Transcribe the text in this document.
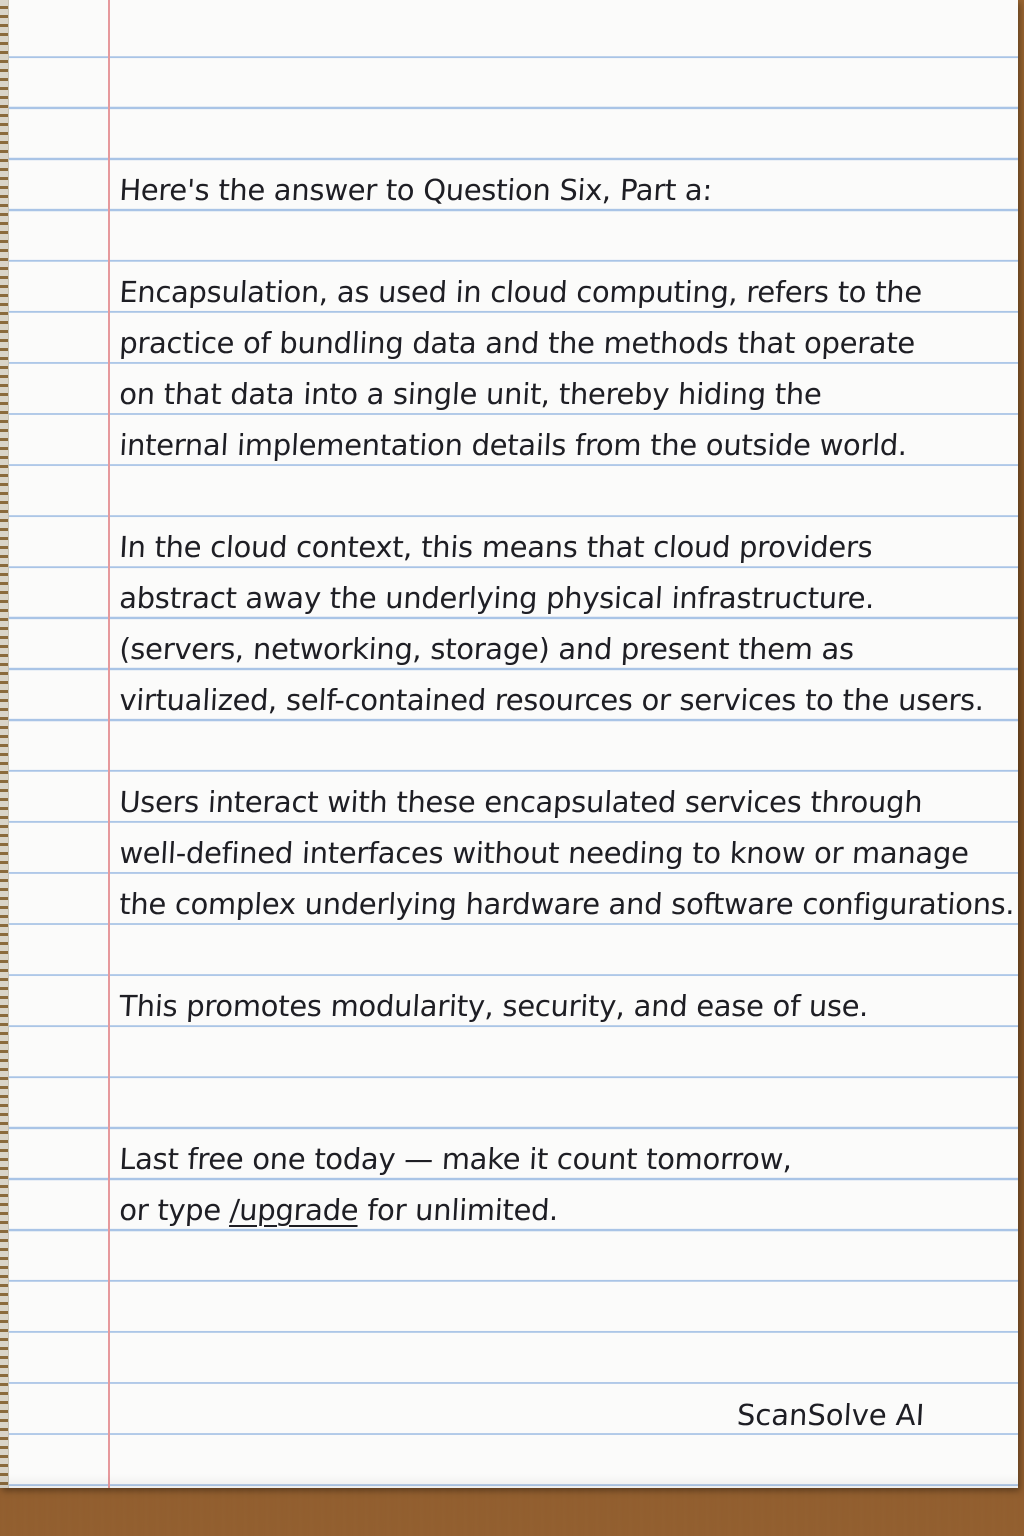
Here's the answer to Question Six, Part a:
Encapsulation, as used in cloud computing, refers to the
practice of bundling data and the methods that operate
on that data into a single unit, thereby hiding the
internal implementation details from the outside world.
In the cloud context, this means that cloud providers
abstract away the underlying physical infrastructure.
(servers, networking, storage) and present them as
virtualized, self-contained resources or services to the users.
Users interact with these encapsulated services through
well-defined interfaces without needing to know or manage
the complex underlying hardware and software configurations.
This promotes modularity, security, and ease of use.
Last free one today — make it count tomorrow,
or type /upgrade for unlimited.
ScanSolve AI
